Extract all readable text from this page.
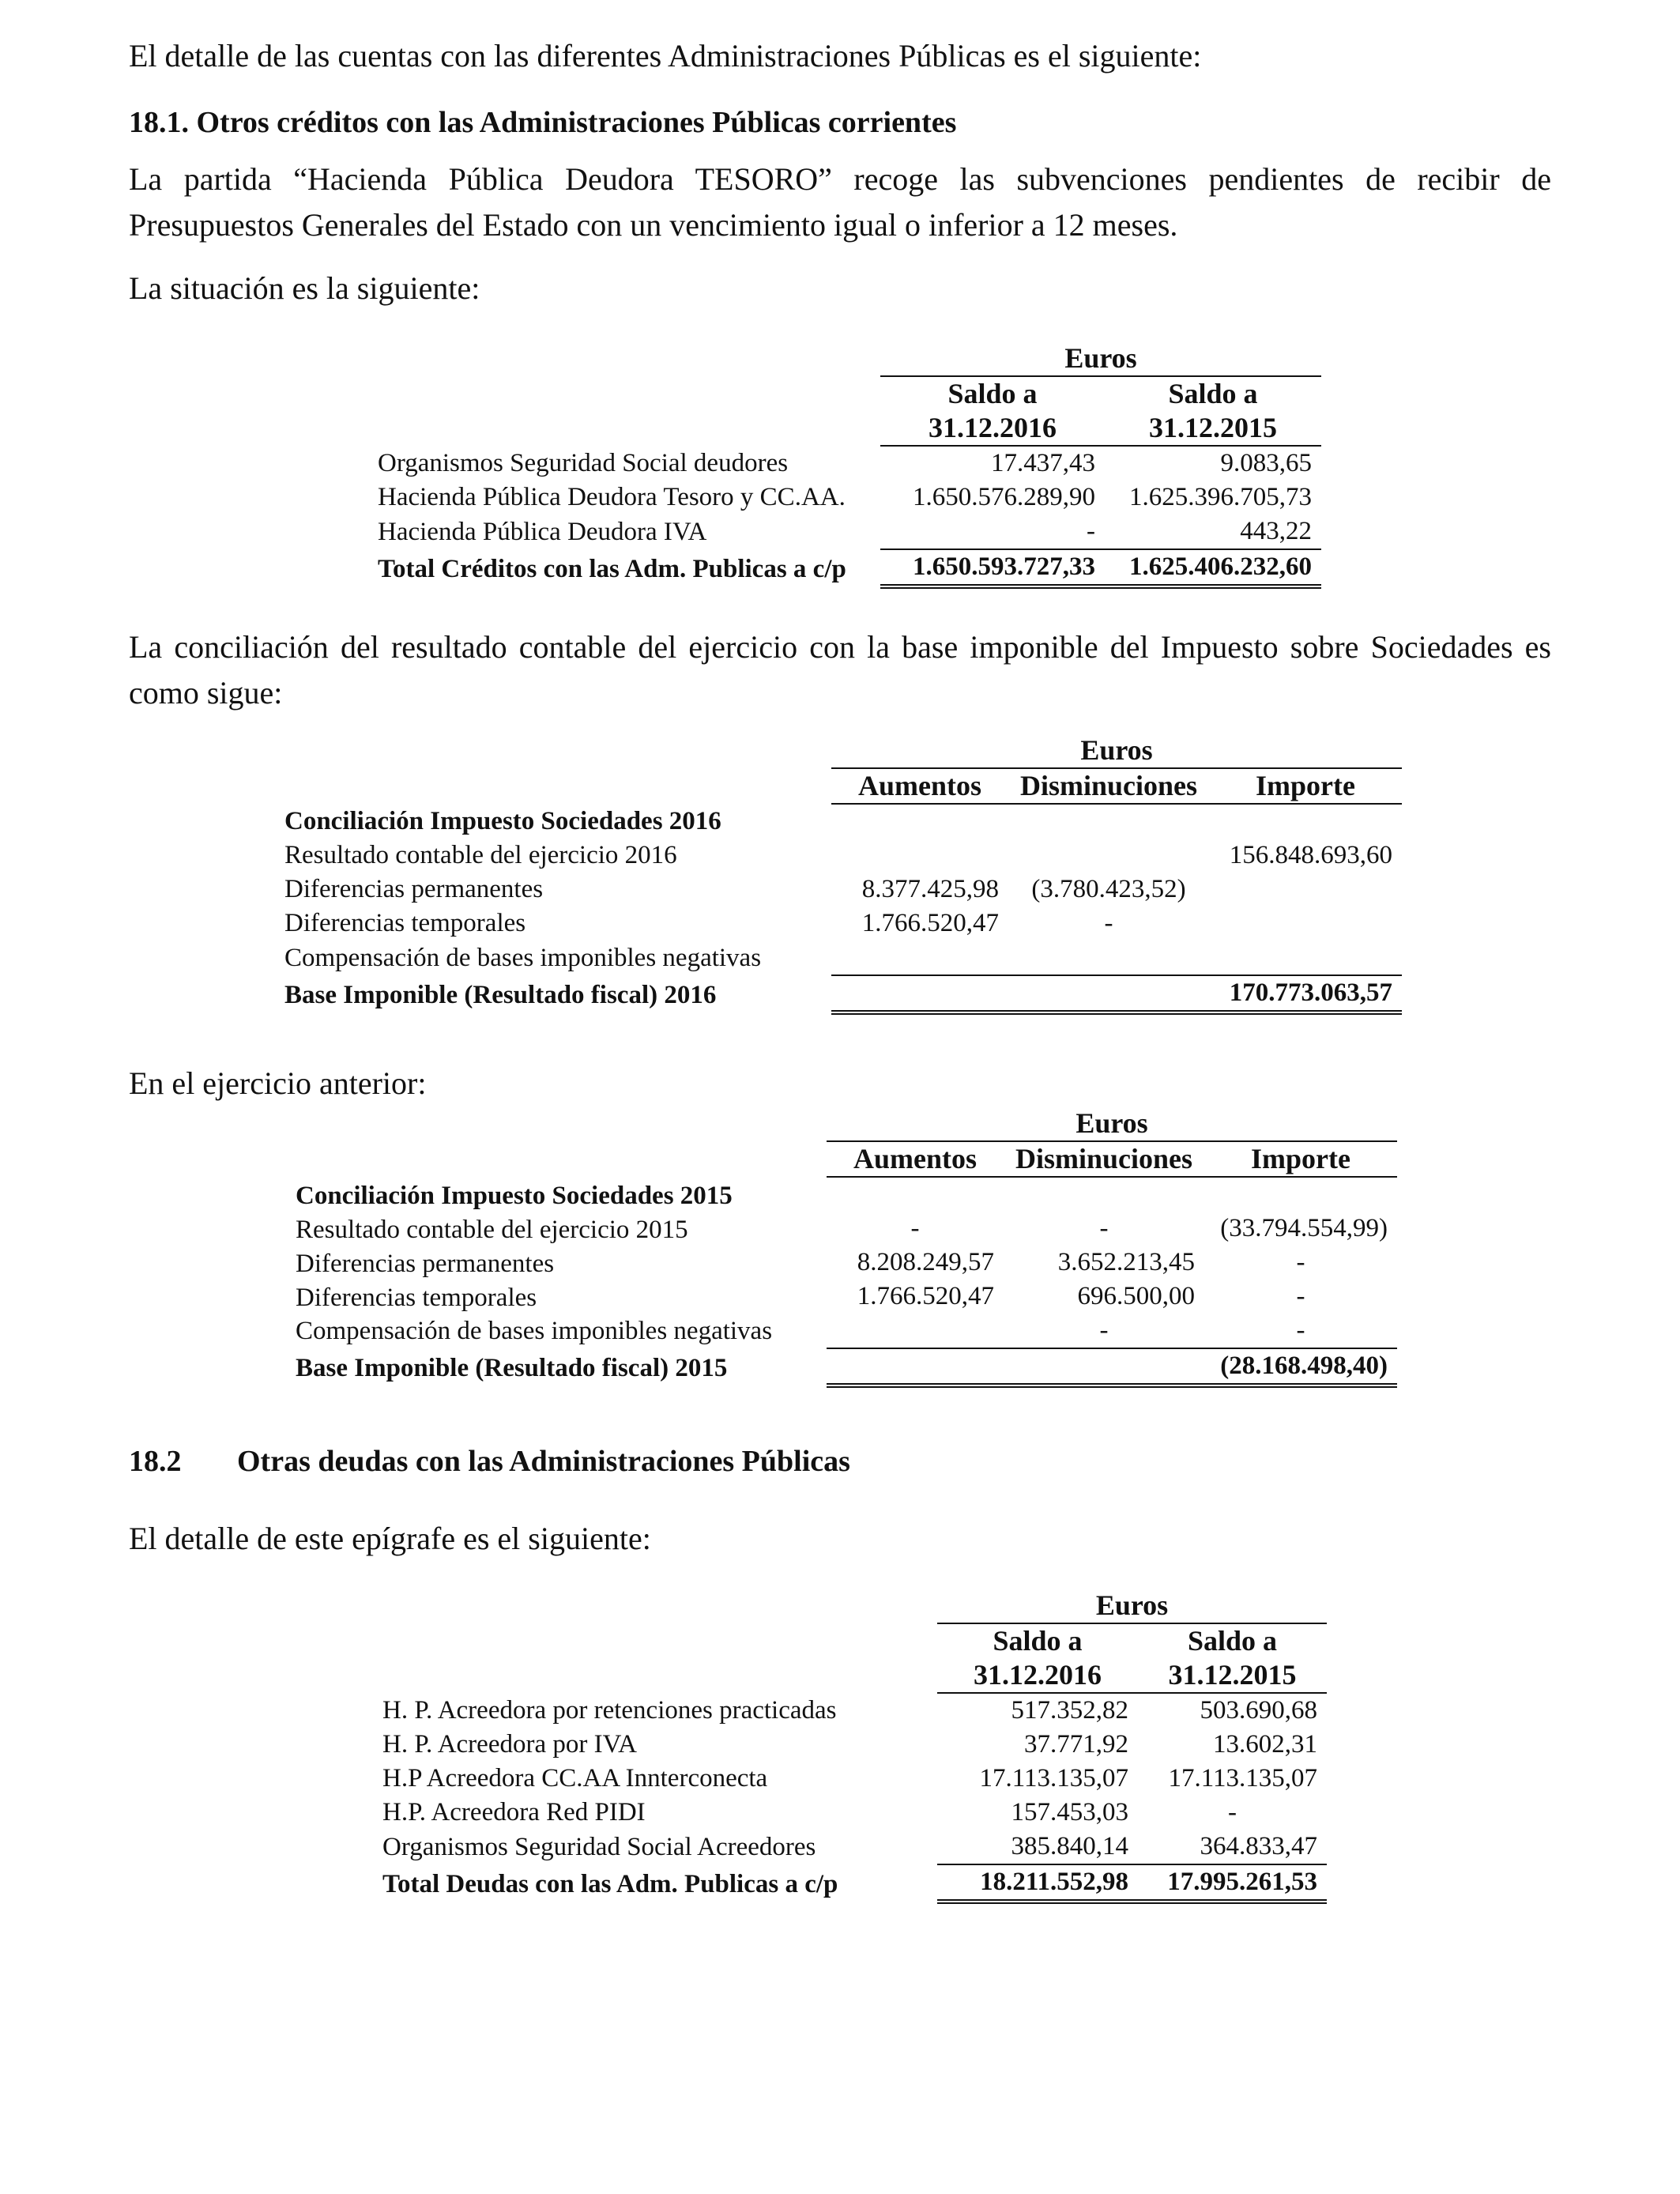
El detalle de las cuentas con las diferentes Administraciones Públicas es el siguiente:
18.1. Otros créditos con las Administraciones Públicas corrientes
La partida “Hacienda Pública Deudora TESORO” recoge las subvenciones pendientes de recibir de Presupuestos Generales del Estado con un vencimiento igual o inferior a 12 meses.
La situación es la siguiente:
	Euros	
	Saldo a	Saldo a
	31.12.2016	31.12.2015
Organismos Seguridad Social deudores	17.437,43	9.083,65
Hacienda Pública Deudora Tesoro y CC.AA.	1.650.576.289,90	1.625.396.705,73
Hacienda Pública Deudora IVA	-	443,22
Total Créditos con las Adm. Publicas a c/p	1.650.593.727,33	1.625.406.232,60
La conciliación del resultado contable del ejercicio con la base imponible del Impuesto sobre Sociedades es como sigue:
	Euros		
	Aumentos	Disminuciones	Importe
Conciliación Impuesto Sociedades 2016			
Resultado contable del ejercicio 2016			156.848.693,60
Diferencias permanentes	8.377.425,98	(3.780.423,52)	
Diferencias temporales	1.766.520,47	-	
Compensación de bases imponibles negativas			
Base Imponible (Resultado fiscal) 2016			170.773.063,57
En el ejercicio anterior:
	Euros		
	Aumentos	Disminuciones	Importe
Conciliación Impuesto Sociedades 2015			
Resultado contable del ejercicio 2015	-	-	(33.794.554,99)
Diferencias permanentes	8.208.249,57	3.652.213,45	-
Diferencias temporales	1.766.520,47	696.500,00	-
Compensación de bases imponibles negativas		-	-
Base Imponible (Resultado fiscal) 2015			(28.168.498,40)
18.2 Otras deudas con las Administraciones Públicas
El detalle de este epígrafe es el siguiente:
	Euros	
	Saldo a	Saldo a
	31.12.2016	31.12.2015
H. P. Acreedora por retenciones practicadas	517.352,82	503.690,68
H. P. Acreedora por IVA	37.771,92	13.602,31
H.P Acreedora CC.AA Innterconecta	17.113.135,07	17.113.135,07
H.P. Acreedora Red PIDI	157.453,03	-
Organismos Seguridad Social Acreedores	385.840,14	364.833,47
Total Deudas con las Adm. Publicas a c/p	18.211.552,98	17.995.261,53
